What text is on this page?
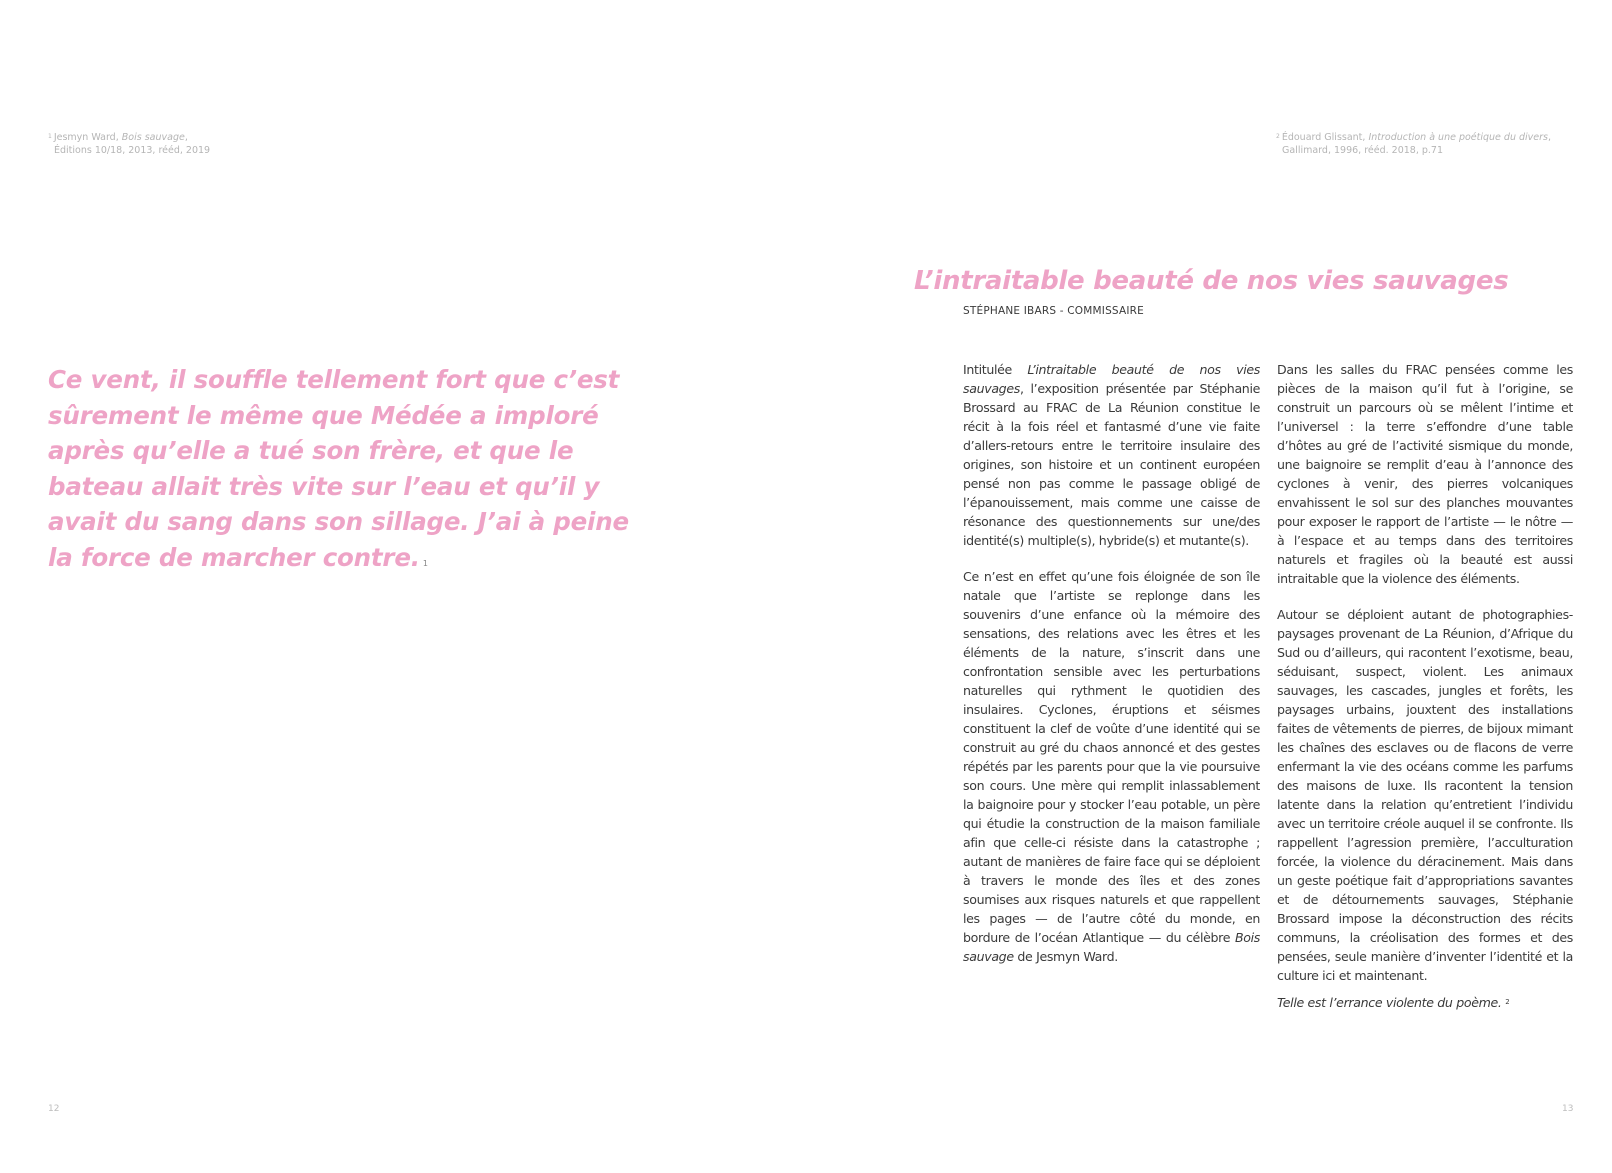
$^1$ Jesmyn Ward, Bois sauvage,
Éditions 10/18, 2013, rééd, 2019
$^2$ Édouard Glissant, Introduction à une poétique du divers,
Gallimard, 1996, rééd. 2018, p.71
Ce vent, il souffle tellement fort que c’est sûrement le même que Médée a imploré après qu’elle a tué son frère, et que le bateau allait très vite sur l’eau et qu’il y avait du sang dans son sillage. J’ai à peine la force de marcher contre. 1
L’intraitable beauté de nos vies sauvages
STÉPHANE IBARS - COMMISSAIRE

Intitulée L’intraitable beauté de nos vies sauvages, l’exposition présentée par Stéphanie Brossard au FRAC de La Réunion constitue le récit à la fois réel et fantasmé d’une vie faite d’allers-retours entre le territoire insulaire des origines, son histoire et un continent européen pensé non pas comme le passage obligé de l’épanouissement, mais comme une caisse de résonance des questionnements sur une/des identité(s) multiple(s), hybride(s) et mutante(s).

Ce n’est en effet qu’une fois éloignée de son île natale que l’artiste se replonge dans les souvenirs d’une enfance où la mémoire des sensations, des relations avec les êtres et les éléments de la nature, s’inscrit dans une confrontation sensible avec les perturbations naturelles qui rythment le quotidien des insulaires. Cyclones, éruptions et séismes constituent la clef de voûte d’une identité qui se construit au gré du chaos annoncé et des gestes répétés par les parents pour que la vie poursuive son cours. Une mère qui remplit inlassablement la baignoire pour y stocker l’eau potable, un père qui étudie la construction de la maison familiale afin que celle-ci résiste dans la catastrophe ; autant de manières de faire face qui se déploient à travers le monde des îles et des zones soumises aux risques naturels et que rappellent les pages — de l’autre côté du monde, en bordure de l’océan Atlantique — du célèbre Bois sauvage de Jesmyn Ward.

Dans les salles du FRAC pensées comme les pièces de la maison qu’il fut à l’origine, se construit un parcours où se mêlent l’intime et l’universel : la terre s’effondre d’une table d’hôtes au gré de l’activité sismique du monde, une baignoire se remplit d’eau à l’annonce des cyclones à venir, des pierres volcaniques envahissent le sol sur des planches mouvantes pour exposer le rapport de l’artiste — le nôtre — à l’espace et au temps dans des territoires naturels et fragiles où la beauté est aussi intraitable que la violence des éléments.

Autour se déploient autant de photographies-paysages provenant de La Réunion, d’Afrique du Sud ou d’ailleurs, qui racontent l’exotisme, beau, séduisant, suspect, violent. Les animaux sauvages, les cascades, jungles et forêts, les paysages urbains, jouxtent des installations faites de vêtements de pierres, de bijoux mimant les chaînes des esclaves ou de flacons de verre enfermant la vie des océans comme les parfums des maisons de luxe. Ils racontent la tension latente dans la relation qu’entretient l’individu avec un territoire créole auquel il se confronte. Ils rappellent l’agression première, l’acculturation forcée, la violence du déracinement. Mais dans un geste poétique fait d’appropriations savantes et de détournements sauvages, Stéphanie Brossard impose la déconstruction des récits communs, la créolisation des formes et des pensées, seule manière d’inventer l’identité et la culture ici et maintenant.

Telle est l’errance violente du poème. $^2$

12	13
